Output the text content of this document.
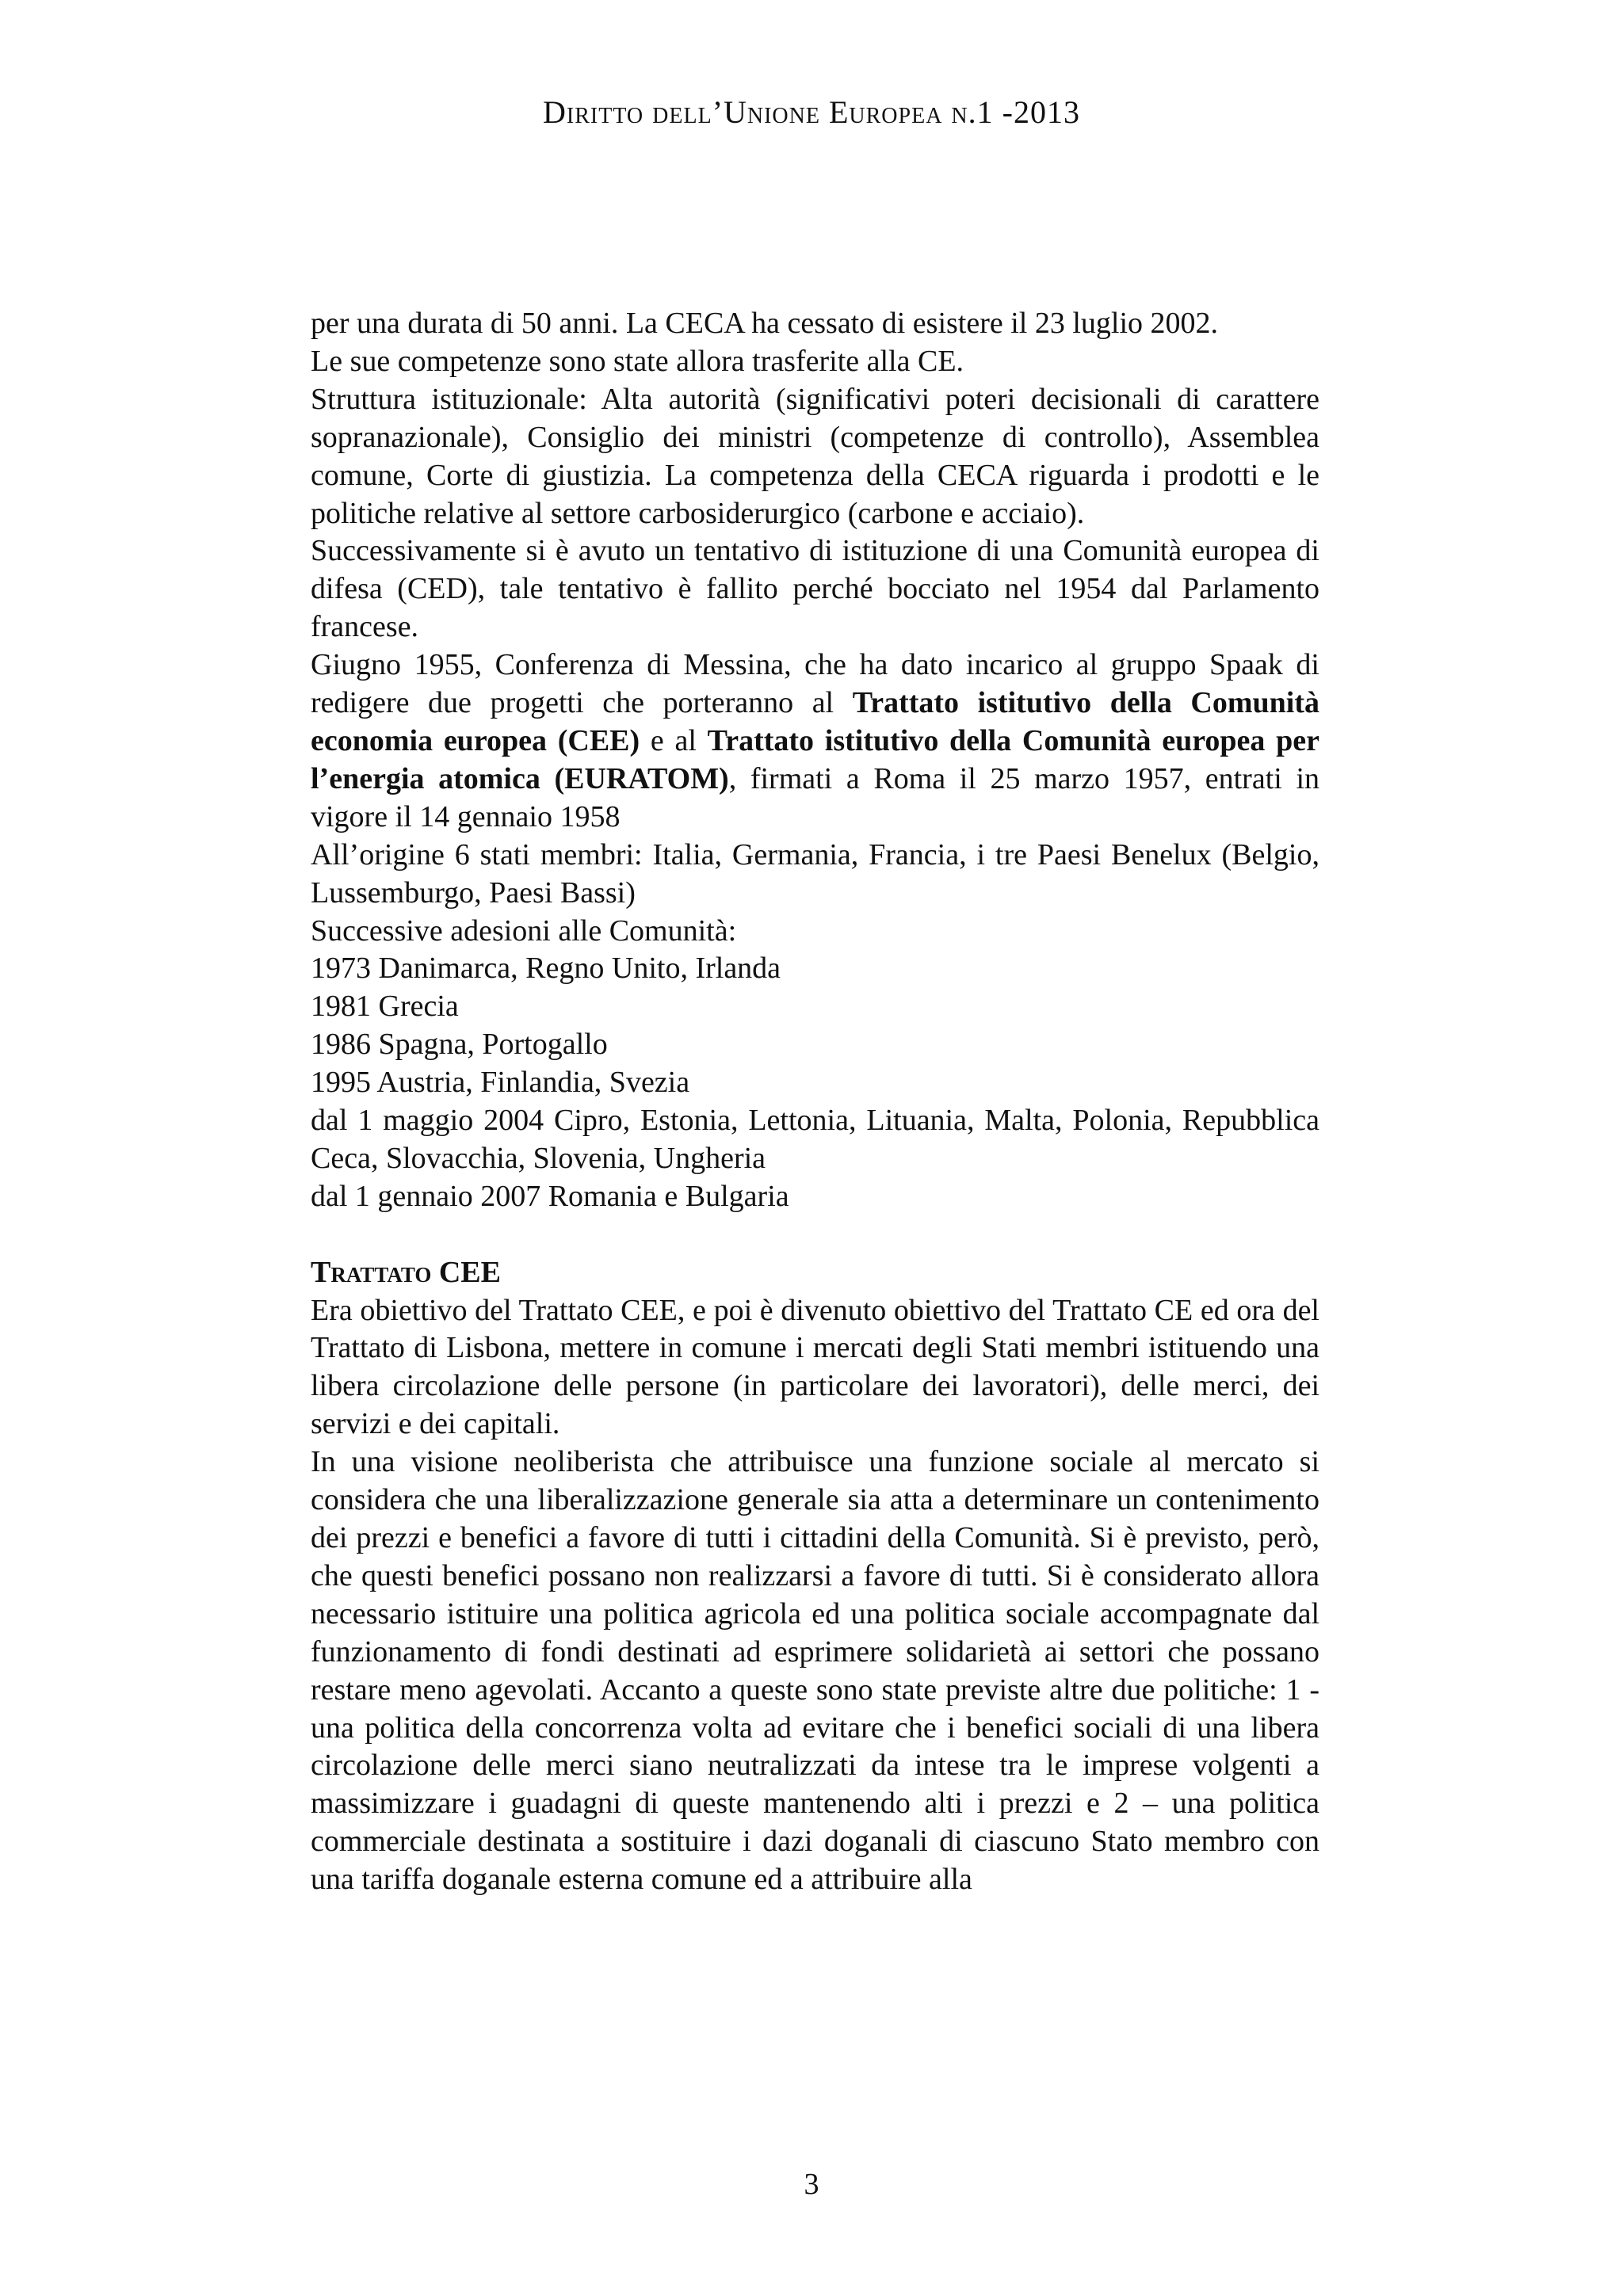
Diritto dell’Unione Europea n.1 -2013

per una durata di 50 anni. La CECA ha cessato di esistere il 23 luglio 2002.

Le sue competenze sono state allora trasferite alla CE.

Struttura istituzionale: Alta autorità (significativi poteri decisionali di carattere sopranazionale), Consiglio dei ministri (competenze di controllo), Assemblea comune, Corte di giustizia. La competenza della CECA riguarda i prodotti e le politiche relative al settore carbosiderurgico (carbone e acciaio).

Successivamente si è avuto un tentativo di istituzione di una Comunità europea di difesa (CED), tale tentativo è fallito perché bocciato nel 1954 dal Parlamento francese.

Giugno 1955, Conferenza di Messina, che ha dato incarico al gruppo Spaak di redigere due progetti che porteranno al Trattato istitutivo della Comunità economia europea (CEE) e al Trattato istitutivo della Comunità europea per l’energia atomica (EURATOM), firmati a Roma il 25 marzo 1957, entrati in vigore il 14 gennaio 1958

All’origine 6 stati membri: Italia, Germania, Francia, i tre Paesi Benelux (Belgio, Lussemburgo, Paesi Bassi)

Successive adesioni alle Comunità:

1973 Danimarca, Regno Unito, Irlanda

1981 Grecia

1986 Spagna, Portogallo

1995 Austria, Finlandia, Svezia

dal 1 maggio 2004 Cipro, Estonia, Lettonia, Lituania, Malta, Polonia, Repubblica Ceca, Slovacchia, Slovenia, Ungheria

dal 1 gennaio 2007 Romania e Bulgaria

Trattato CEE

Era obiettivo del Trattato CEE, e poi è divenuto obiettivo del Trattato CE ed ora del Trattato di Lisbona, mettere in comune i mercati degli Stati membri istituendo una libera circolazione delle persone (in particolare dei lavoratori), delle merci, dei servizi e dei capitali.

In una visione neoliberista che attribuisce una funzione sociale al mercato si considera che una liberalizzazione generale sia atta a determinare un contenimento dei prezzi e benefici a favore di tutti i cittadini della Comunità. Si è previsto, però, che questi benefici possano non realizzarsi a favore di tutti. Si è considerato allora necessario istituire una politica agricola ed una politica sociale accompagnate dal funzionamento di fondi destinati ad esprimere solidarietà ai settori che possano restare meno agevolati. Accanto a queste sono state previste altre due politiche: 1 - una politica della concorrenza volta ad evitare che i benefici sociali di una libera circolazione delle merci siano neutralizzati da intese tra le imprese volgenti a massimizzare i guadagni di queste mantenendo alti i prezzi e 2 – una politica commerciale destinata a sostituire i dazi doganali di ciascuno Stato membro con una tariffa doganale esterna comune ed a attribuire alla

3
